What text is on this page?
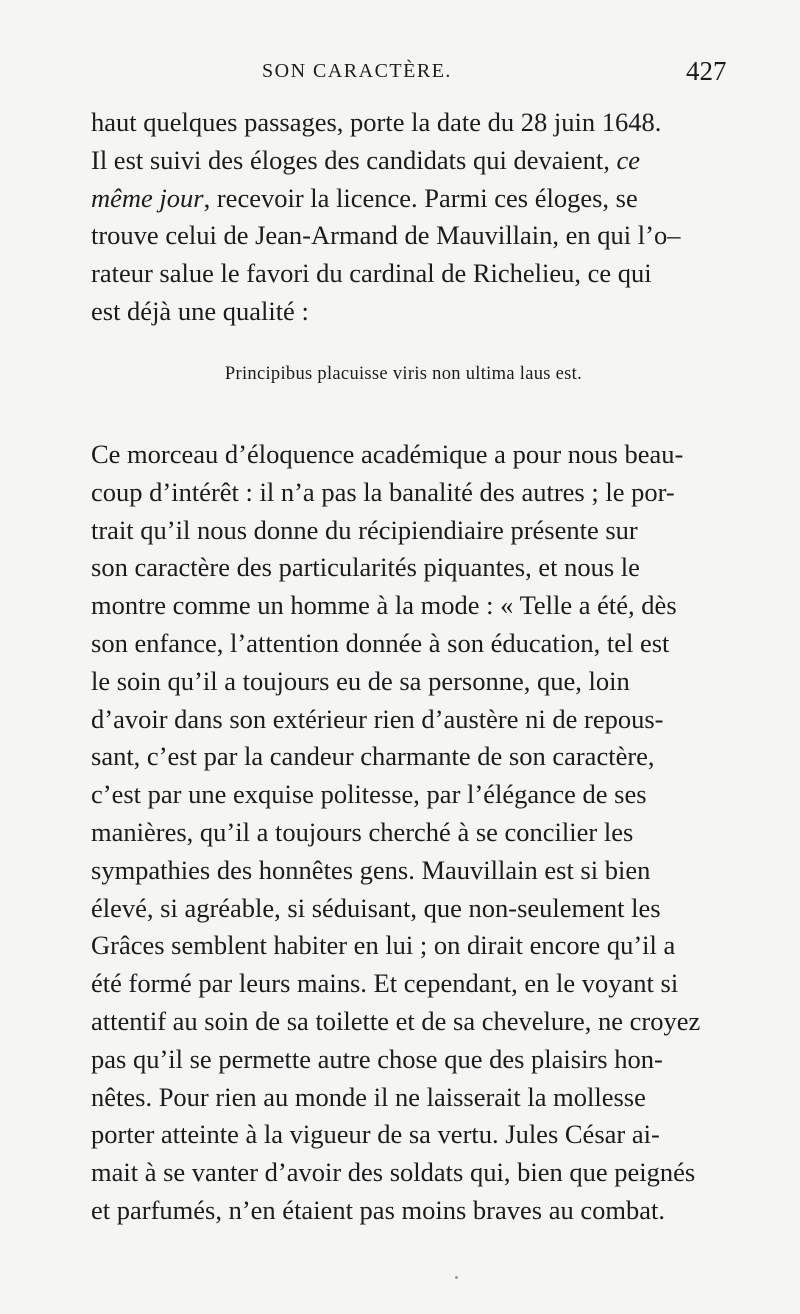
SON CARACTÈRE.	427
haut quelques passages, porte la date du 28 juin 1648.
Il est suivi des éloges des candidats qui devaient, ce
même jour, recevoir la licence. Parmi ces éloges, se
trouve celui de Jean-Armand de Mauvillain, en qui l’o–
rateur salue le favori du cardinal de Richelieu, ce qui
est déjà une qualité :
Principibus placuisse viris non ultima laus est.
Ce morceau d’éloquence académique a pour nous beau-
coup d’intérêt : il n’a pas la banalité des autres ; le por-
trait qu’il nous donne du récipiendiaire présente sur
son caractère des particularités piquantes, et nous le
montre comme un homme à la mode : « Telle a été, dès
son enfance, l’attention donnée à son éducation, tel est
le soin qu’il a toujours eu de sa personne, que, loin
d’avoir dans son extérieur rien d’austère ni de repous-
sant, c’est par la candeur charmante de son caractère,
c’est par une exquise politesse, par l’élégance de ses
manières, qu’il a toujours cherché à se concilier les
sympathies des honnêtes gens. Mauvillain est si bien
élevé, si agréable, si séduisant, que non-seulement les
Grâces semblent habiter en lui ; on dirait encore qu’il a
été formé par leurs mains. Et cependant, en le voyant si
attentif au soin de sa toilette et de sa chevelure, ne croyez
pas qu’il se permette autre chose que des plaisirs hon-
nêtes. Pour rien au monde il ne laisserait la mollesse
porter atteinte à la vigueur de sa vertu. Jules César ai-
mait à se vanter d’avoir des soldats qui, bien que peignés
et parfumés, n’en étaient pas moins braves au combat.
